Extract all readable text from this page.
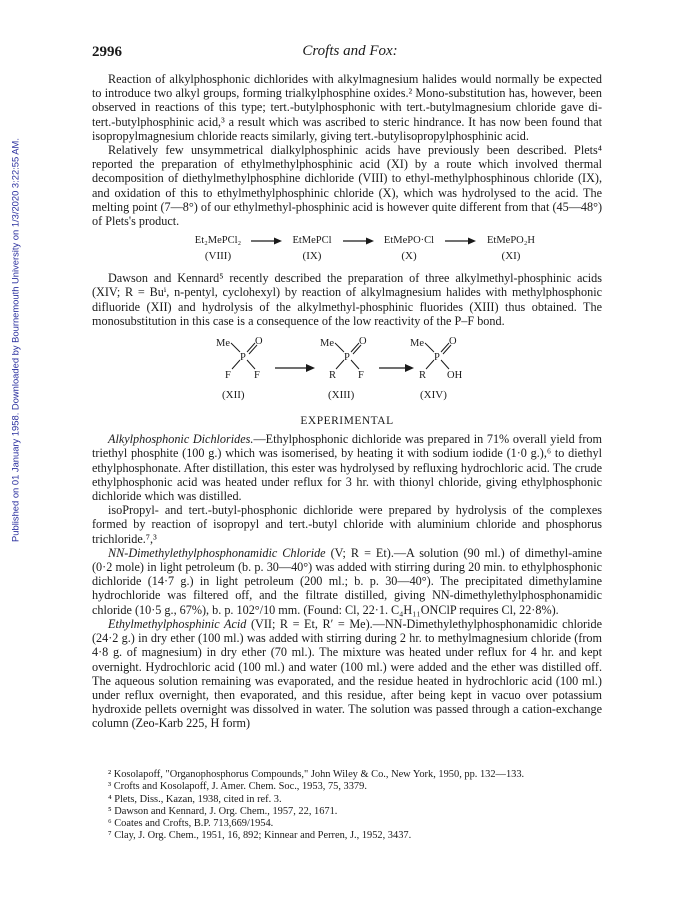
Published on 01 January 1958. Downloaded by Bournemouth University on 1/3/2020 3:22:55 AM.
2996	Crofts and Fox:

Reaction of alkylphosphonic dichlorides with alkylmagnesium halides would normally be expected to introduce two alkyl groups, forming trialkylphosphine oxides.² Mono-substitution has, however, been observed in reactions of this type; tert.-butylphosphonic with tert.-butylmagnesium chloride gave di-tert.-butylphosphinic acid,³ a result which was ascribed to steric hindrance. It has now been found that isopropylmagnesium chloride reacts similarly, giving tert.-butylisopropylphosphinic acid.

Relatively few unsymmetrical dialkylphosphinic acids have previously been described. Plets⁴ reported the preparation of ethylmethylphosphinic acid (XI) by a route which involved thermal decomposition of diethylmethylphosphine dichloride (VIII) to ethyl-methylphosphinous chloride (IX), and oxidation of this to ethylmethylphosphinic chloride (X), which was hydrolysed to the acid. The melting point (7—8°) of our ethylmethyl-phosphinic acid is however quite different from that (45—48°) of Plets's product.

Et₂MePCl₂
(VIII)
→ EtMePCl
(IX)
→ EtMePO·Cl
(X)
→ EtMePO₂H
(XI)

Dawson and Kennard⁵ recently described the preparation of three alkylmethyl-phosphinic acids (XIV; R = Buⁱ, n-pentyl, cyclohexyl) by reaction of alkylmagnesium halides with methylphosphonic difluoride (XII) and hydrolysis of the alkylmethyl-phosphinic fluorides (XIII) thus obtained. The monosubstitution in this case is a consequence of the low reactivity of the P–F bond.

Me
P
O
F F
Me
P
O
R F
Me
P
O
R OH
(XII)	(XIII)	(XIV)
EXPERIMENTAL

Alkylphosphonic Dichlorides.—Ethylphosphonic dichloride was prepared in 71% overall yield from triethyl phosphite (100 g.) which was isomerised, by heating it with sodium iodide (1·0 g.),⁶ to diethyl ethylphosphonate. After distillation, this ester was hydrolysed by refluxing hydrochloric acid. The crude ethylphosphonic acid was heated under reflux for 3 hr. with thionyl chloride, giving ethylphosphonic dichloride which was distilled.

isoPropyl- and tert.-butyl-phosphonic dichloride were prepared by hydrolysis of the complexes formed by reaction of isopropyl and tert.-butyl chloride with aluminium chloride and phosphorus trichloride.⁷,³

NN-Dimethylethylphosphonamidic Chloride (V; R = Et).—A solution (90 ml.) of dimethyl-amine (0·2 mole) in light petroleum (b. p. 30—40°) was added with stirring during 20 min. to ethylphosphonic dichloride (14·7 g.) in light petroleum (200 ml.; b. p. 30—40°). The precipitated dimethylamine hydrochloride was filtered off, and the filtrate distilled, giving NN-dimethylethylphosphonamidic chloride (10·5 g., 67%), b. p. 102°/10 mm. (Found: Cl, 22·1. C₄H₁₁ONClP requires Cl, 22·8%).

Ethylmethylphosphinic Acid (VII; R = Et, R′ = Me).—NN-Dimethylethylphosphonamidic chloride (24·2 g.) in dry ether (100 ml.) was added with stirring during 2 hr. to methylmagnesium chloride (from 4·8 g. of magnesium) in dry ether (70 ml.). The mixture was heated under reflux for 4 hr. and kept overnight. Hydrochloric acid (100 ml.) and water (100 ml.) were added and the ether was distilled off. The aqueous solution remaining was evaporated, and the residue heated in hydrochloric acid (100 ml.) under reflux overnight, then evaporated, and this residue, after being kept in vacuo over potassium hydroxide pellets overnight was dissolved in water. The solution was passed through a cation-exchange column (Zeo-Karb 225, H form)

² Kosolapoff, "Organophosphorus Compounds," John Wiley & Co., New York, 1950, pp. 132—133.

³ Crofts and Kosolapoff, J. Amer. Chem. Soc., 1953, 75, 3379.

⁴ Plets, Diss., Kazan, 1938, cited in ref. 3.

⁵ Dawson and Kennard, J. Org. Chem., 1957, 22, 1671.

⁶ Coates and Crofts, B.P. 713,669/1954.

⁷ Clay, J. Org. Chem., 1951, 16, 892; Kinnear and Perren, J., 1952, 3437.
